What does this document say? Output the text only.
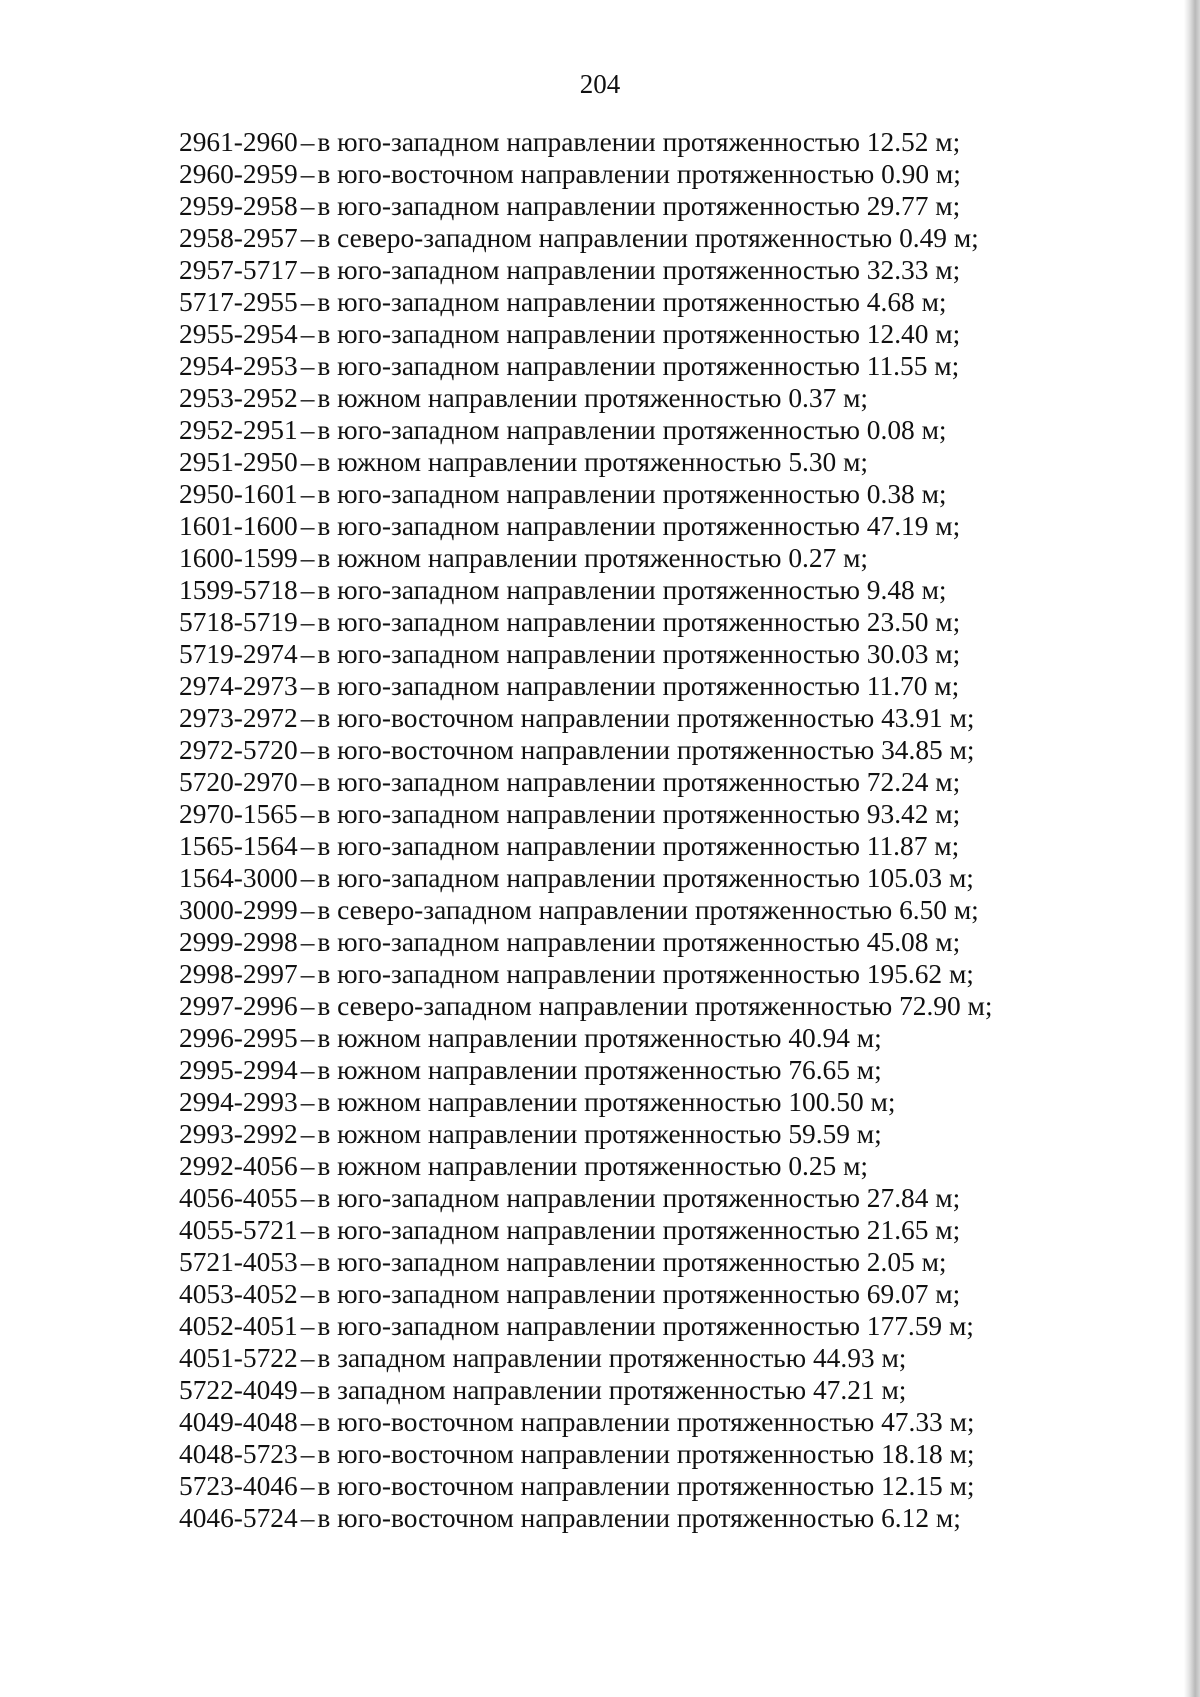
204
2961-2960 – в юго-западном направлении протяженностью 12.52 м;
2960-2959 – в юго-восточном направлении протяженностью 0.90 м;
2959-2958 – в юго-западном направлении протяженностью 29.77 м;
2958-2957 – в северо-западном направлении протяженностью 0.49 м;
2957-5717 – в юго-западном направлении протяженностью 32.33 м;
5717-2955 – в юго-западном направлении протяженностью 4.68 м;
2955-2954 – в юго-западном направлении протяженностью 12.40 м;
2954-2953 – в юго-западном направлении протяженностью 11.55 м;
2953-2952 – в южном направлении протяженностью 0.37 м;
2952-2951 – в юго-западном направлении протяженностью 0.08 м;
2951-2950 – в южном направлении протяженностью 5.30 м;
2950-1601 – в юго-западном направлении протяженностью 0.38 м;
1601-1600 – в юго-западном направлении протяженностью 47.19 м;
1600-1599 – в южном направлении протяженностью 0.27 м;
1599-5718 – в юго-западном направлении протяженностью 9.48 м;
5718-5719 – в юго-западном направлении протяженностью 23.50 м;
5719-2974 – в юго-западном направлении протяженностью 30.03 м;
2974-2973 – в юго-западном направлении протяженностью 11.70 м;
2973-2972 – в юго-восточном направлении протяженностью 43.91 м;
2972-5720 – в юго-восточном направлении протяженностью 34.85 м;
5720-2970 – в юго-западном направлении протяженностью 72.24 м;
2970-1565 – в юго-западном направлении протяженностью 93.42 м;
1565-1564 – в юго-западном направлении протяженностью 11.87 м;
1564-3000 – в юго-западном направлении протяженностью 105.03 м;
3000-2999 – в северо-западном направлении протяженностью 6.50 м;
2999-2998 – в юго-западном направлении протяженностью 45.08 м;
2998-2997 – в юго-западном направлении протяженностью 195.62 м;
2997-2996 – в северо-западном направлении протяженностью 72.90 м;
2996-2995 – в южном направлении протяженностью 40.94 м;
2995-2994 – в южном направлении протяженностью 76.65 м;
2994-2993 – в южном направлении протяженностью 100.50 м;
2993-2992 – в южном направлении протяженностью 59.59 м;
2992-4056 – в южном направлении протяженностью 0.25 м;
4056-4055 – в юго-западном направлении протяженностью 27.84 м;
4055-5721 – в юго-западном направлении протяженностью 21.65 м;
5721-4053 – в юго-западном направлении протяженностью 2.05 м;
4053-4052 – в юго-западном направлении протяженностью 69.07 м;
4052-4051 – в юго-западном направлении протяженностью 177.59 м;
4051-5722 – в западном направлении протяженностью 44.93 м;
5722-4049 – в западном направлении протяженностью 47.21 м;
4049-4048 – в юго-восточном направлении протяженностью 47.33 м;
4048-5723 – в юго-восточном направлении протяженностью 18.18 м;
5723-4046 – в юго-восточном направлении протяженностью 12.15 м;
4046-5724 – в юго-восточном направлении протяженностью 6.12 м;
